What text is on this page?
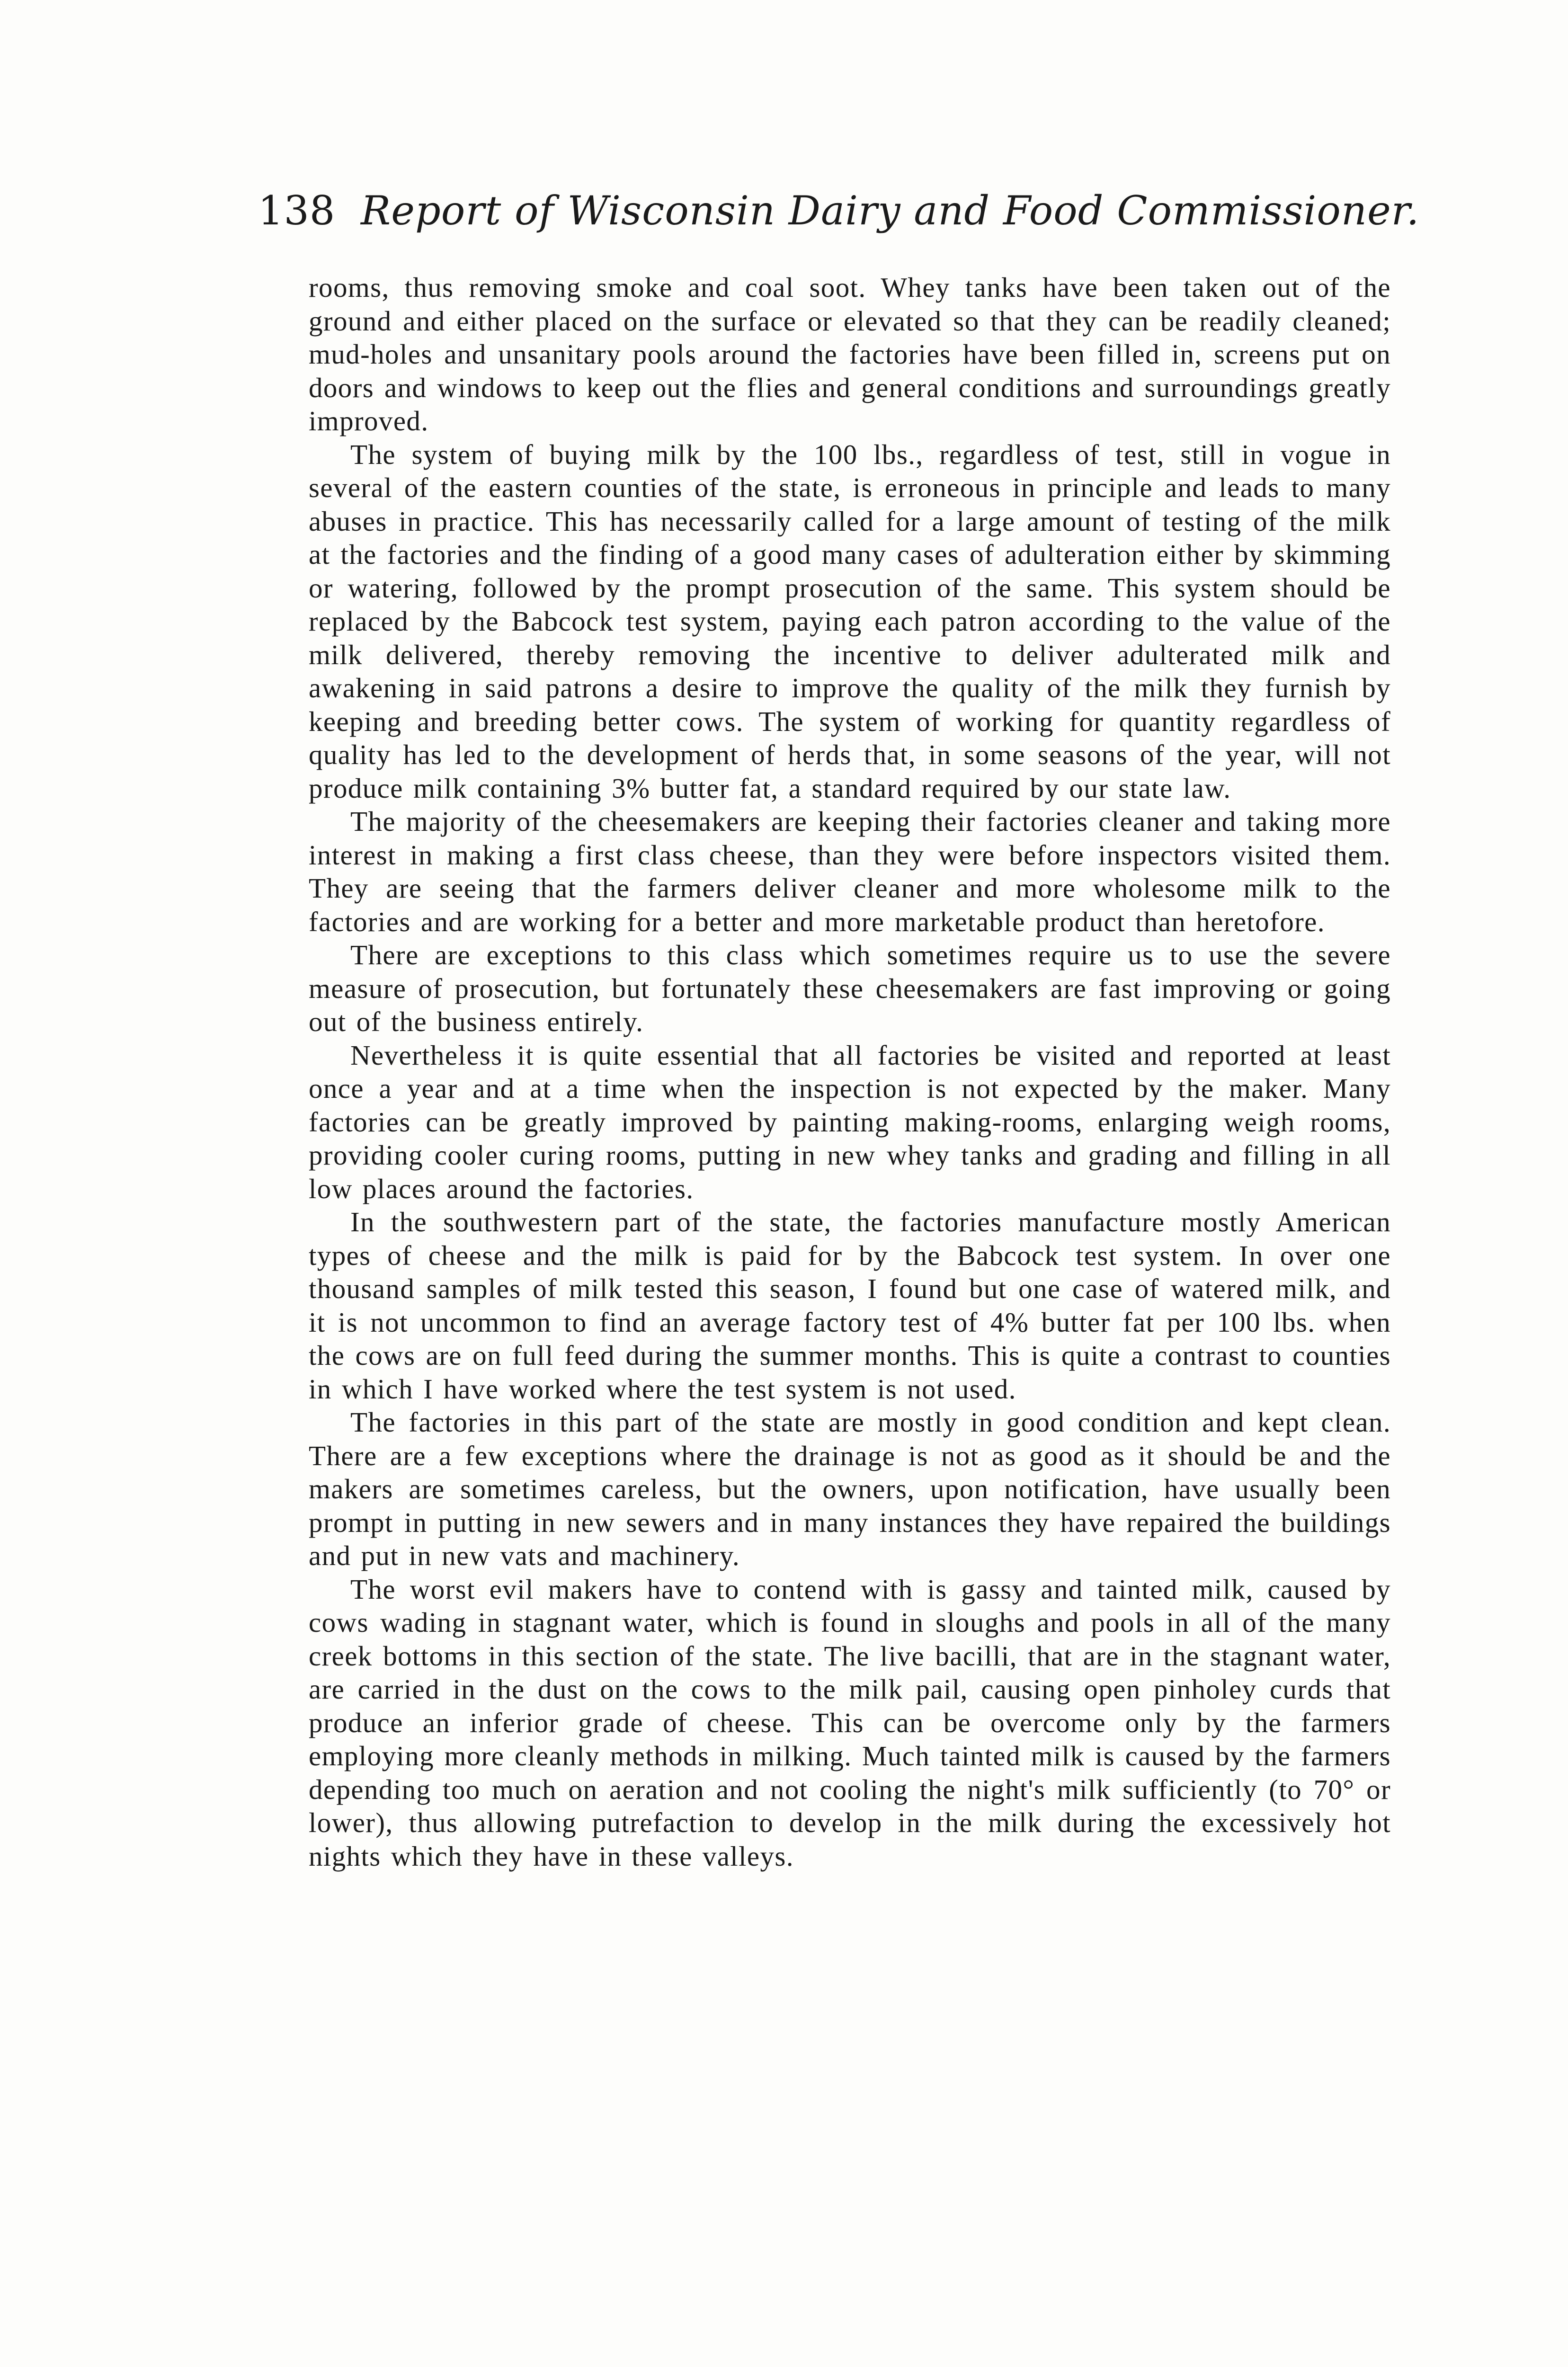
138 Report of Wisconsin Dairy and Food Commissioner.

rooms, thus removing smoke and coal soot. Whey tanks have been taken out of the ground and either placed on the surface or elevated so that they can be readily cleaned; mud-holes and unsanitary pools around the factories have been filled in, screens put on doors and windows to keep out the flies and general conditions and surroundings greatly improved.

The system of buying milk by the 100 lbs., regardless of test, still in vogue in several of the eastern counties of the state, is erroneous in principle and leads to many abuses in practice. This has necessarily called for a large amount of testing of the milk at the factories and the finding of a good many cases of adulteration either by skimming or watering, followed by the prompt prosecution of the same. This system should be replaced by the Babcock test system, paying each patron according to the value of the milk delivered, thereby removing the incentive to deliver adulterated milk and awakening in said patrons a desire to improve the quality of the milk they furnish by keeping and breeding better cows. The system of working for quantity regardless of quality has led to the development of herds that, in some seasons of the year, will not produce milk containing 3% butter fat, a standard required by our state law.

The majority of the cheesemakers are keeping their factories cleaner and taking more interest in making a first class cheese, than they were before inspectors visited them. They are seeing that the farmers deliver cleaner and more wholesome milk to the factories and are working for a better and more marketable product than heretofore.

There are exceptions to this class which sometimes require us to use the severe measure of prosecution, but fortunately these cheesemakers are fast improving or going out of the business entirely.

Nevertheless it is quite essential that all factories be visited and reported at least once a year and at a time when the inspection is not expected by the maker. Many factories can be greatly improved by painting making-rooms, enlarging weigh rooms, providing cooler curing rooms, putting in new whey tanks and grading and filling in all low places around the factories.

In the southwestern part of the state, the factories manufacture mostly American types of cheese and the milk is paid for by the Babcock test system. In over one thousand samples of milk tested this season, I found but one case of watered milk, and it is not uncommon to find an average factory test of 4% butter fat per 100 lbs. when the cows are on full feed during the summer months. This is quite a contrast to counties in which I have worked where the test system is not used.

The factories in this part of the state are mostly in good condition and kept clean. There are a few exceptions where the drainage is not as good as it should be and the makers are sometimes careless, but the owners, upon notification, have usually been prompt in putting in new sewers and in many instances they have repaired the buildings and put in new vats and machinery.

The worst evil makers have to contend with is gassy and tainted milk, caused by cows wading in stagnant water, which is found in sloughs and pools in all of the many creek bottoms in this section of the state. The live bacilli, that are in the stagnant water, are carried in the dust on the cows to the milk pail, causing open pinholey curds that produce an inferior grade of cheese. This can be overcome only by the farmers employing more cleanly methods in milking. Much tainted milk is caused by the farmers depending too much on aeration and not cooling the night's milk sufficiently (to 70° or lower), thus allowing putrefaction to develop in the milk during the excessively hot nights which they have in these valleys.
